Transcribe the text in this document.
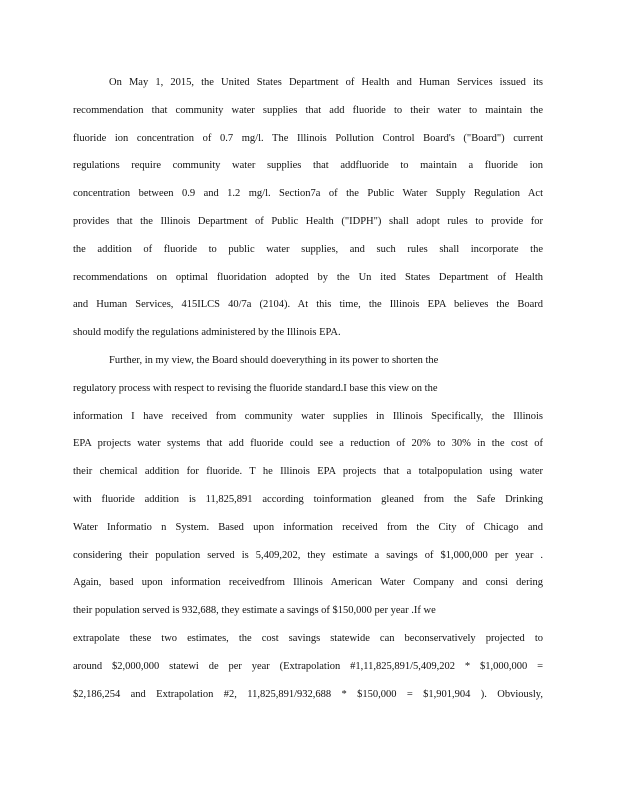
On May 1, 2015, the United States Department of Health and Human Services issued its
recommendation that community water supplies that add fluoride to their water to maintain the
fluoride ion concentration of 0.7 mg/l. The Illinois Pollution Control Board's ("Board") current
regulations require community water supplies that addfluoride to maintain a fluoride ion
concentration between 0.9 and 1.2 mg/l. Section7a of the Public Water Supply Regulation Act
provides that the Illinois Department of Public Health ("IDPH") shall adopt rules to provide for
the addition of fluoride to public water supplies, and such rules shall incorporate the
recommendations on optimal fluoridation adopted by the Un ited States Department of Health
and Human Services, 415ILCS 40/7a (2104). At this time, the Illinois EPA believes the Board
should modify the regulations administered by the Illinois EPA.
Further, in my view, the Board should doeverything in its power to shorten the
regulatory process with respect to revising the fluoride standard.I base this view on the
information I have received from community water supplies in Illinois Specifically, the Illinois
EPA projects water systems that add fluoride could see a reduction of 20% to 30% in the cost of
their chemical addition for fluoride. T he Illinois EPA projects that a totalpopulation using water
with fluoride addition is 11,825,891 according toinformation gleaned from the Safe Drinking
Water Informatio n System. Based upon information received from the City of Chicago and
considering their population served is 5,409,202, they estimate a savings of $1,000,000 per year .
Again, based upon information receivedfrom Illinois American Water Company and consi dering
their population served is 932,688, they estimate a savings of $150,000 per year .If we
extrapolate these two estimates, the cost savings statewide can beconservatively projected to
around $2,000,000 statewi de per year (Extrapolation #1,11,825,891/5,409,202 * $1,000,000 =
$2,186,254 and Extrapolation #2, 11,825,891/932,688 * $150,000 = $1,901,904 ). Obviously,
